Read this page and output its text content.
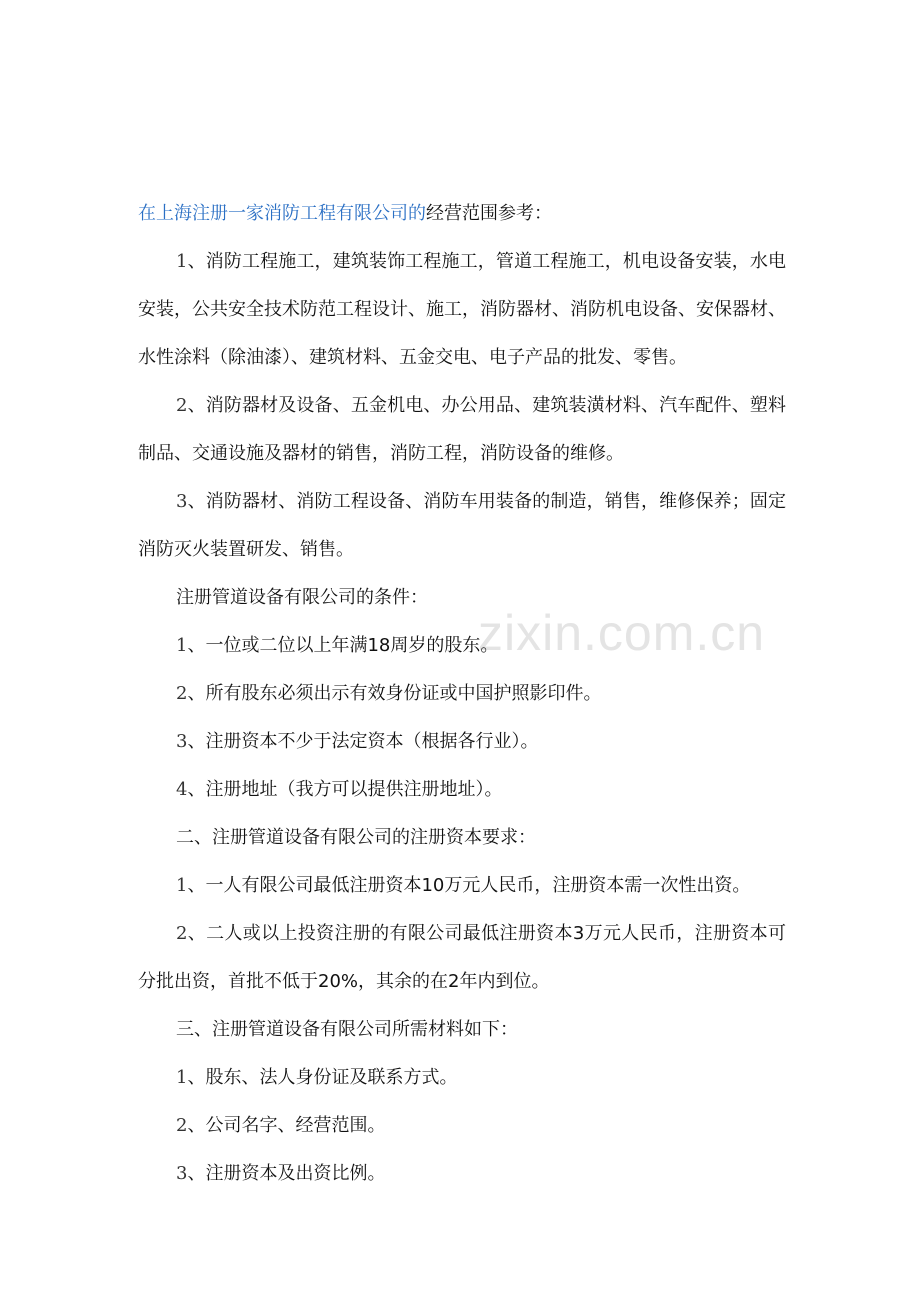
zixin.com.cn

在上海注册一家消防工程有限公司的经营范围参考：

1、消防工程施工，建筑装饰工程施工，管道工程施工，机电设备安装，水电安装，公共安全技术防范工程设计、施工，消防器材、消防机电设备、安保器材、水性涂料（除油漆）、建筑材料、五金交电、电子产品的批发、零售。

2、消防器材及设备、五金机电、办公用品、建筑装潢材料、汽车配件、塑料制品、交通设施及器材的销售，消防工程，消防设备的维修。

3、消防器材、消防工程设备、消防车用装备的制造，销售，维修保养；固定消防灭火装置研发、销售。

注册管道设备有限公司的条件：

1、一位或二位以上年满18周岁的股东。

2、所有股东必须出示有效身份证或中国护照影印件。

3、注册资本不少于法定资本（根据各行业）。

4、注册地址（我方可以提供注册地址）。

二、注册管道设备有限公司的注册资本要求：

1、一人有限公司最低注册资本10万元人民币，注册资本需一次性出资。

2、二人或以上投资注册的有限公司最低注册资本3万元人民币，注册资本可分批出资，首批不低于20%，其余的在2年内到位。

三、注册管道设备有限公司所需材料如下：

1、股东、法人身份证及联系方式。

2、公司名字、经营范围。

3、注册资本及出资比例。
